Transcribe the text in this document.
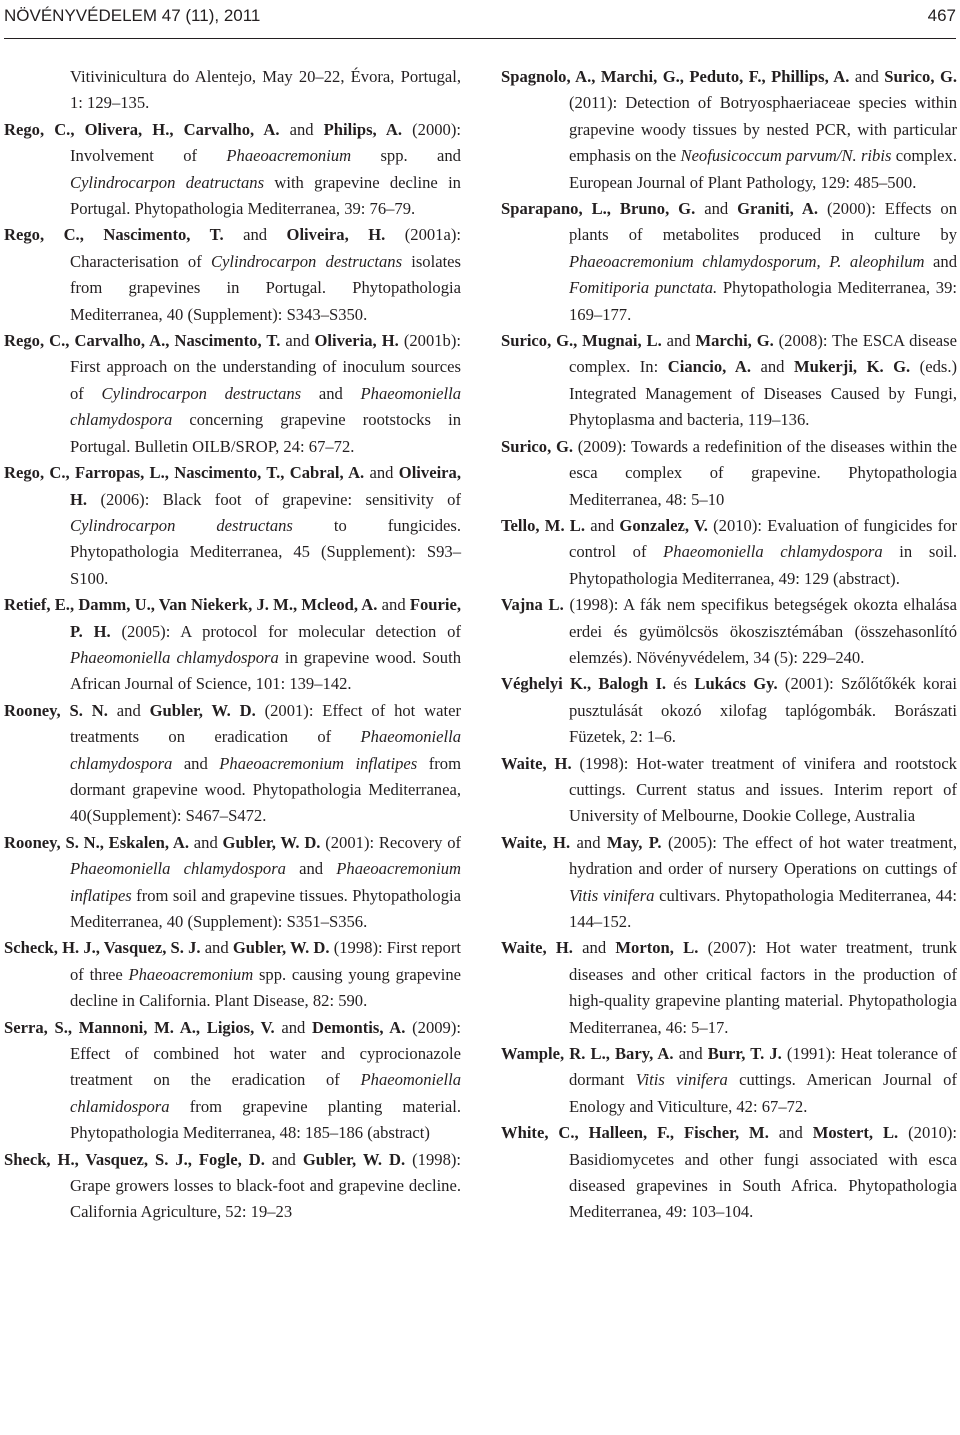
NÖVÉNYVÉDELEM 47 (11), 2011	467
Vitivinicultura do Alentejo, May 20–22, Évora, Portugal, 1: 129–135.
Rego, C., Olivera, H., Carvalho, A. and Philips, A. (2000): Involvement of Phaeoacremonium spp. and Cylindrocarpon deatructans with grapevine decline in Portugal. Phytopathologia Mediterranea, 39: 76–79.
Rego, C., Nascimento, T. and Oliveira, H. (2001a): Characterisation of Cylindrocarpon destructans isolates from grapevines in Portugal. Phytopathologia Mediterranea, 40 (Supplement): S343–S350.
Rego, C., Carvalho, A., Nascimento, T. and Oliveria, H. (2001b): First approach on the understanding of inoculum sources of Cylindrocarpon destructans and Phaeomoniella chlamydospora concerning grapevine rootstocks in Portugal. Bulletin OILB/SROP, 24: 67–72.
Rego, C., Farropas, L., Nascimento, T., Cabral, A. and Oliveira, H. (2006): Black foot of grapevine: sensitivity of Cylindrocarpon destructans to fungicides. Phytopathologia Mediterranea, 45 (Supplement): S93–S100.
Retief, E., Damm, U., Van Niekerk, J. M., Mcleod, A. and Fourie, P. H. (2005): A protocol for molecular detection of Phaeomoniella chlamydospora in grapevine wood. South African Journal of Science, 101: 139–142.
Rooney, S. N. and Gubler, W. D. (2001): Effect of hot water treatments on eradication of Phaeomoniella chlamydospora and Phaeoacremonium inflatipes from dormant grapevine wood. Phytopathologia Mediterranea, 40(Supplement): S467–S472.
Rooney, S. N., Eskalen, A. and Gubler, W. D. (2001): Recovery of Phaeomoniella chlamydospora and Phaeoacremonium inflatipes from soil and grapevine tissues. Phytopathologia Mediterranea, 40 (Supplement): S351–S356.
Scheck, H. J., Vasquez, S. J. and Gubler, W. D. (1998): First report of three Phaeoacremonium spp. causing young grapevine decline in California. Plant Disease, 82: 590.
Serra, S., Mannoni, M. A., Ligios, V. and Demontis, A. (2009): Effect of combined hot water and cyprocionazole treatment on the eradication of Phaeomoniella chlamidospora from grapevine planting material. Phytopathologia Mediterranea, 48: 185–186 (abstract)
Sheck, H., Vasquez, S. J., Fogle, D. and Gubler, W. D. (1998): Grape growers losses to black-foot and grapevine decline. California Agriculture, 52: 19–23
Spagnolo, A., Marchi, G., Peduto, F., Phillips, A. and Surico, G. (2011): Detection of Botryosphaeriaceae species within grapevine woody tissues by nested PCR, with particular emphasis on the Neofusicoccum parvum/N. ribis complex. European Journal of Plant Pathology, 129: 485–500.
Sparapano, L., Bruno, G. and Graniti, A. (2000): Effects on plants of metabolites produced in culture by Phaeoacremonium chlamydosporum, P. aleophilum and Fomitiporia punctata. Phytopathologia Mediterranea, 39: 169–177.
Surico, G., Mugnai, L. and Marchi, G. (2008): The ESCA disease complex. In: Ciancio, A. and Mukerji, K. G. (eds.) Integrated Management of Diseases Caused by Fungi, Phytoplasma and bacteria, 119–136.
Surico, G. (2009): Towards a redefinition of the diseases within the esca complex of grapevine. Phytopathologia Mediterranea, 48: 5–10
Tello, M. L. and Gonzalez, V. (2010): Evaluation of fungicides for control of Phaeomoniella chlamydospora in soil. Phytopathologia Mediterranea, 49: 129 (abstract).
Vajna L. (1998): A fák nem specifikus betegségek okozta elhalása erdei és gyümölcsös ökoszisztémában (összehasonlító elemzés). Növényvédelem, 34 (5): 229–240.
Véghelyi K., Balogh I. és Lukács Gy. (2001): Szőlőtőkék korai pusztulását okozó xilofag taplógombák. Borászati Füzetek, 2: 1–6.
Waite, H. (1998): Hot-water treatment of vinifera and rootstock cuttings. Current status and issues. Interim report of University of Melbourne, Dookie College, Australia
Waite, H. and May, P. (2005): The effect of hot water treatment, hydration and order of nursery Operations on cuttings of Vitis vinifera cultivars. Phytopathologia Mediterranea, 44: 144–152.
Waite, H. and Morton, L. (2007): Hot water treatment, trunk diseases and other critical factors in the production of high-quality grapevine planting material. Phytopathologia Mediterranea, 46: 5–17.
Wample, R. L., Bary, A. and Burr, T. J. (1991): Heat tolerance of dormant Vitis vinifera cuttings. American Journal of Enology and Viticulture, 42: 67–72.
White, C., Halleen, F., Fischer, M. and Mostert, L. (2010): Basidiomycetes and other fungi associated with esca diseased grapevines in South Africa. Phytopathologia Mediterranea, 49: 103–104.
